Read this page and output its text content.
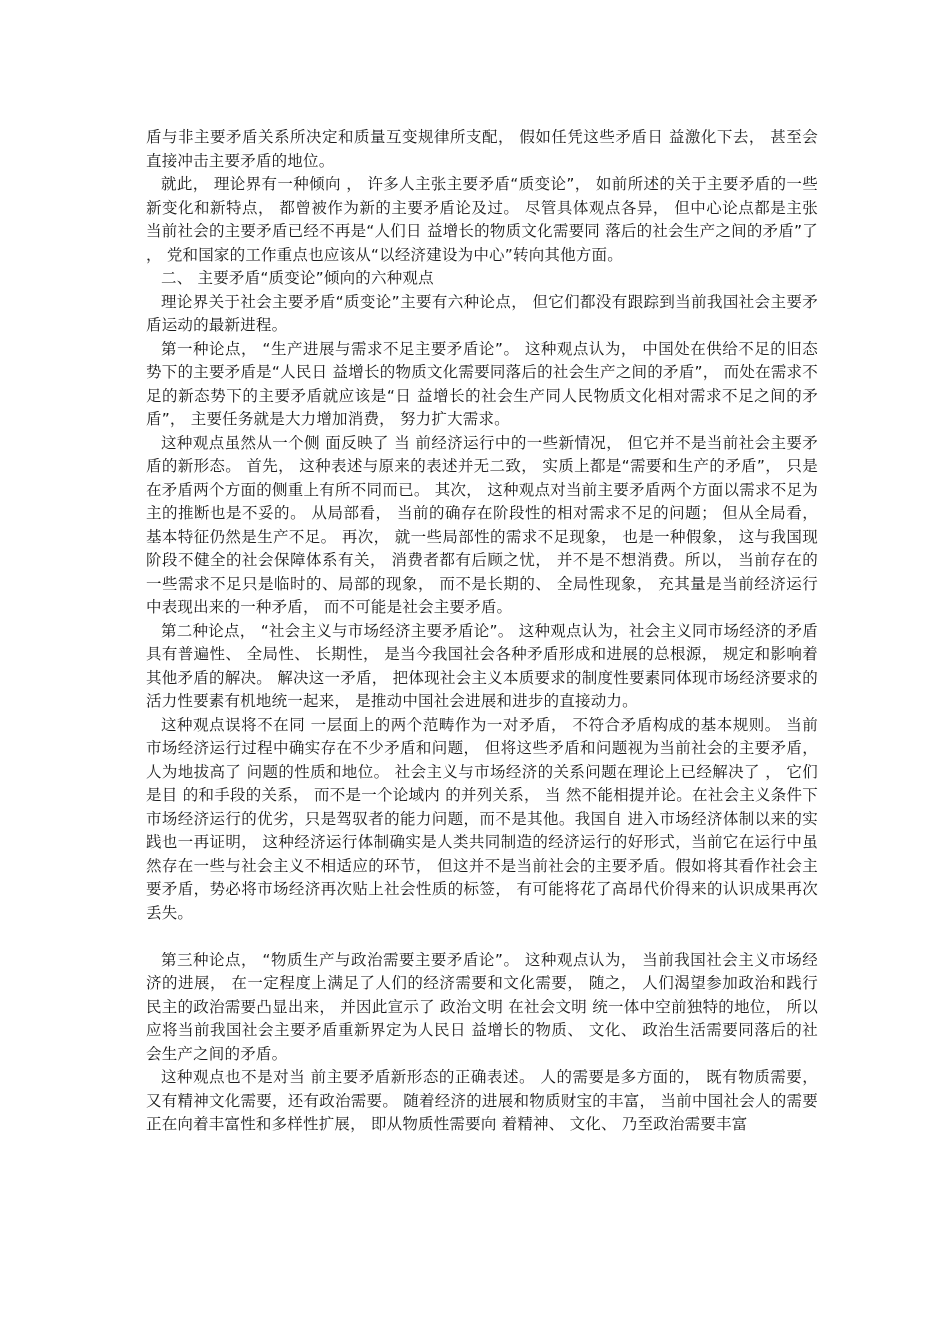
盾与非主要矛盾关系所决定和质量互变规律所支配， 假如任凭这些矛盾日 益激化下去， 甚至会直接冲击主要矛盾的地位。

就此， 理论界有一种倾向 ， 许多人主张主要矛盾“质变论”， 如前所述的关于主要矛盾的一些新变化和新特点， 都曾被作为新的主要矛盾论及过。 尽管具体观点各异， 但中心论点都是主张当前社会的主要矛盾已经不再是“人们日 益增长的物质文化需要同 落后的社会生产之间的矛盾”了 ， 党和国家的工作重点也应该从“以经济建设为中心”转向其他方面。

二、 主要矛盾“质变论”倾向的六种观点

理论界关于社会主要矛盾“质变论”主要有六种论点， 但它们都没有跟踪到当前我国社会主要矛盾运动的最新进程。

第一种论点， “生产进展与需求不足主要矛盾论”。 这种观点认为， 中国处在供给不足的旧态势下的主要矛盾是“人民日 益增长的物质文化需要同落后的社会生产之间的矛盾”， 而处在需求不足的新态势下的主要矛盾就应该是“日 益增长的社会生产同人民物质文化相对需求不足之间的矛盾”， 主要任务就是大力增加消费， 努力扩大需求。

这种观点虽然从一个侧 面反映了 当 前经济运行中的一些新情况， 但它并不是当前社会主要矛盾的新形态。 首先， 这种表述与原来的表述并无二致， 实质上都是“需要和生产的矛盾”， 只是在矛盾两个方面的侧重上有所不同而已。 其次， 这种观点对当前主要矛盾两个方面以需求不足为主的推断也是不妥的。 从局部看， 当前的确存在阶段性的相对需求不足的问题； 但从全局看，基本特征仍然是生产不足。 再次， 就一些局部性的需求不足现象， 也是一种假象， 这与我国现阶段不健全的社会保障体系有关， 消费者都有后顾之忧， 并不是不想消费。所以， 当前存在的一些需求不足只是临时的、局部的现象， 而不是长期的、 全局性现象， 充其量是当前经济运行中表现出来的一种矛盾， 而不可能是社会主要矛盾。

第二种论点， “社会主义与市场经济主要矛盾论”。 这种观点认为，社会主义同市场经济的矛盾具有普遍性、 全局性、 长期性， 是当今我国社会各种矛盾形成和进展的总根源， 规定和影响着其他矛盾的解决。 解决这一矛盾， 把体现社会主义本质要求的制度性要素同体现市场经济要求的活力性要素有机地统一起来， 是推动中国社会进展和进步的直接动力。

这种观点误将不在同 一层面上的两个范畴作为一对矛盾， 不符合矛盾构成的基本规则。 当前市场经济运行过程中确实存在不少矛盾和问题， 但将这些矛盾和问题视为当前社会的主要矛盾， 人为地拔高了 问题的性质和地位。 社会主义与市场经济的关系问题在理论上已经解决了 ， 它们是目 的和手段的关系， 而不是一个论域内 的并列关系， 当 然不能相提并论。在社会主义条件下市场经济运行的优劣，只是驾驭者的能力问题，而不是其他。我国自 进入市场经济体制以来的实践也一再证明， 这种经济运行体制确实是人类共同制造的经济运行的好形式，当前它在运行中虽然存在一些与社会主义不相适应的环节， 但这并不是当前社会的主要矛盾。假如将其看作社会主要矛盾，势必将市场经济再次贴上社会性质的标签， 有可能将花了高昂代价得来的认识成果再次丢失。

第三种论点， “物质生产与政治需要主要矛盾论”。 这种观点认为， 当前我国社会主义市场经济的进展， 在一定程度上满足了人们的经济需要和文化需要， 随之， 人们渴望参加政治和践行民主的政治需要凸显出来， 并因此宣示了 政治文明 在社会文明 统一体中空前独特的地位， 所以应将当前我国社会主要矛盾重新界定为人民日 益增长的物质、 文化、 政治生活需要同落后的社会生产之间的矛盾。

这种观点也不是对当 前主要矛盾新形态的正确表述。 人的需要是多方面的， 既有物质需要，又有精神文化需要，还有政治需要。 随着经济的进展和物质财宝的丰富， 当前中国社会人的需要正在向着丰富性和多样性扩展， 即从物质性需要向 着精神、 文化、 乃至政治需要丰富
